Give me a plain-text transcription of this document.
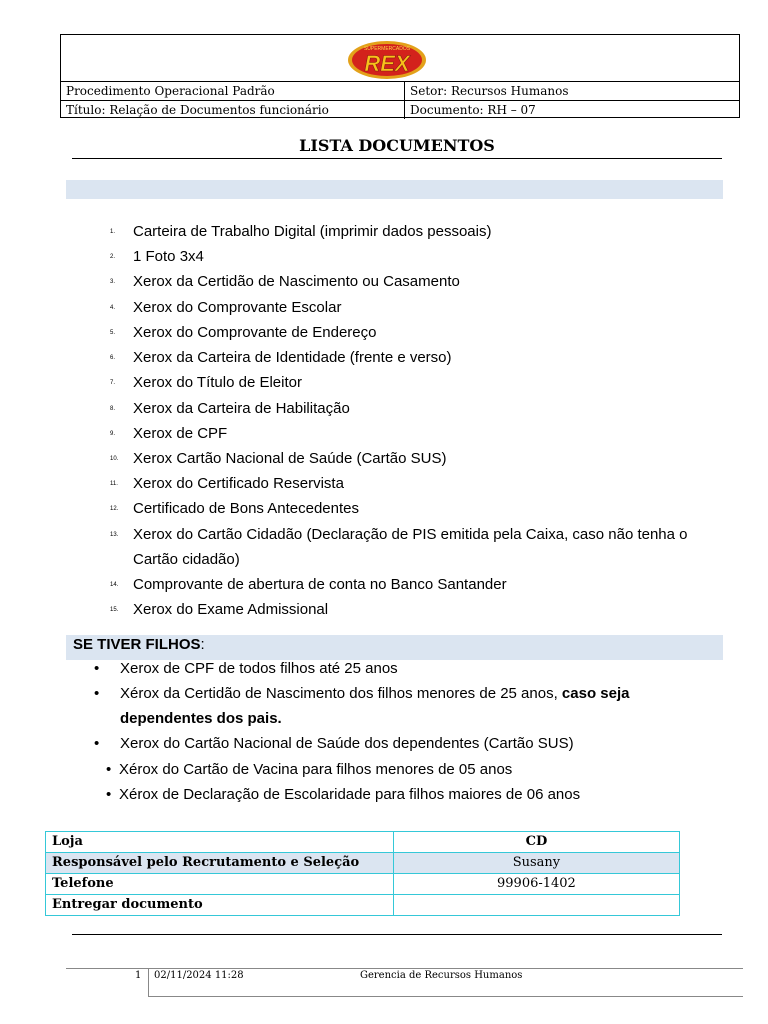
SUPERMERCADOS
REX
Procedimento Operacional Padrão	Setor: Recursos Humanos
Título: Relação de Documentos funcionário	Documento: RH – 07
LISTA DOCUMENTOS
1. Carteira de Trabalho Digital (imprimir dados pessoais)
2. 1 Foto 3x4
3. Xerox da Certidão de Nascimento ou Casamento
4. Xerox do Comprovante Escolar
5. Xerox do Comprovante de Endereço
6. Xerox da Carteira de Identidade (frente e verso)
7. Xerox do Título de Eleitor
8. Xerox da Carteira de Habilitação
9. Xerox de CPF
10. Xerox Cartão Nacional de Saúde (Cartão SUS)
11. Xerox do Certificado Reservista
12. Certificado de Bons Antecedentes
13. Xerox do Cartão Cidadão (Declaração de PIS emitida pela Caixa, caso não tenha o
Cartão cidadão)
14. Comprovante de abertura de conta no Banco Santander
15. Xerox do Exame Admissional
SE TIVER FILHOS:
• Xerox de CPF de todos filhos até 25 anos
• Xérox da Certidão de Nascimento dos filhos menores de 25 anos, caso seja
dependentes dos pais.
• Xerox do Cartão Nacional de Saúde dos dependentes (Cartão SUS)
• Xérox do Cartão de Vacina para filhos menores de 05 anos
• Xérox de Declaração de Escolaridade para filhos maiores de 06 anos
Loja	CD
Responsável pelo Recrutamento e Seleção	Susany
Telefone	99906-1402
Entregar documento	
1 02/11/2024 11:28	Gerencia de Recursos Humanos
